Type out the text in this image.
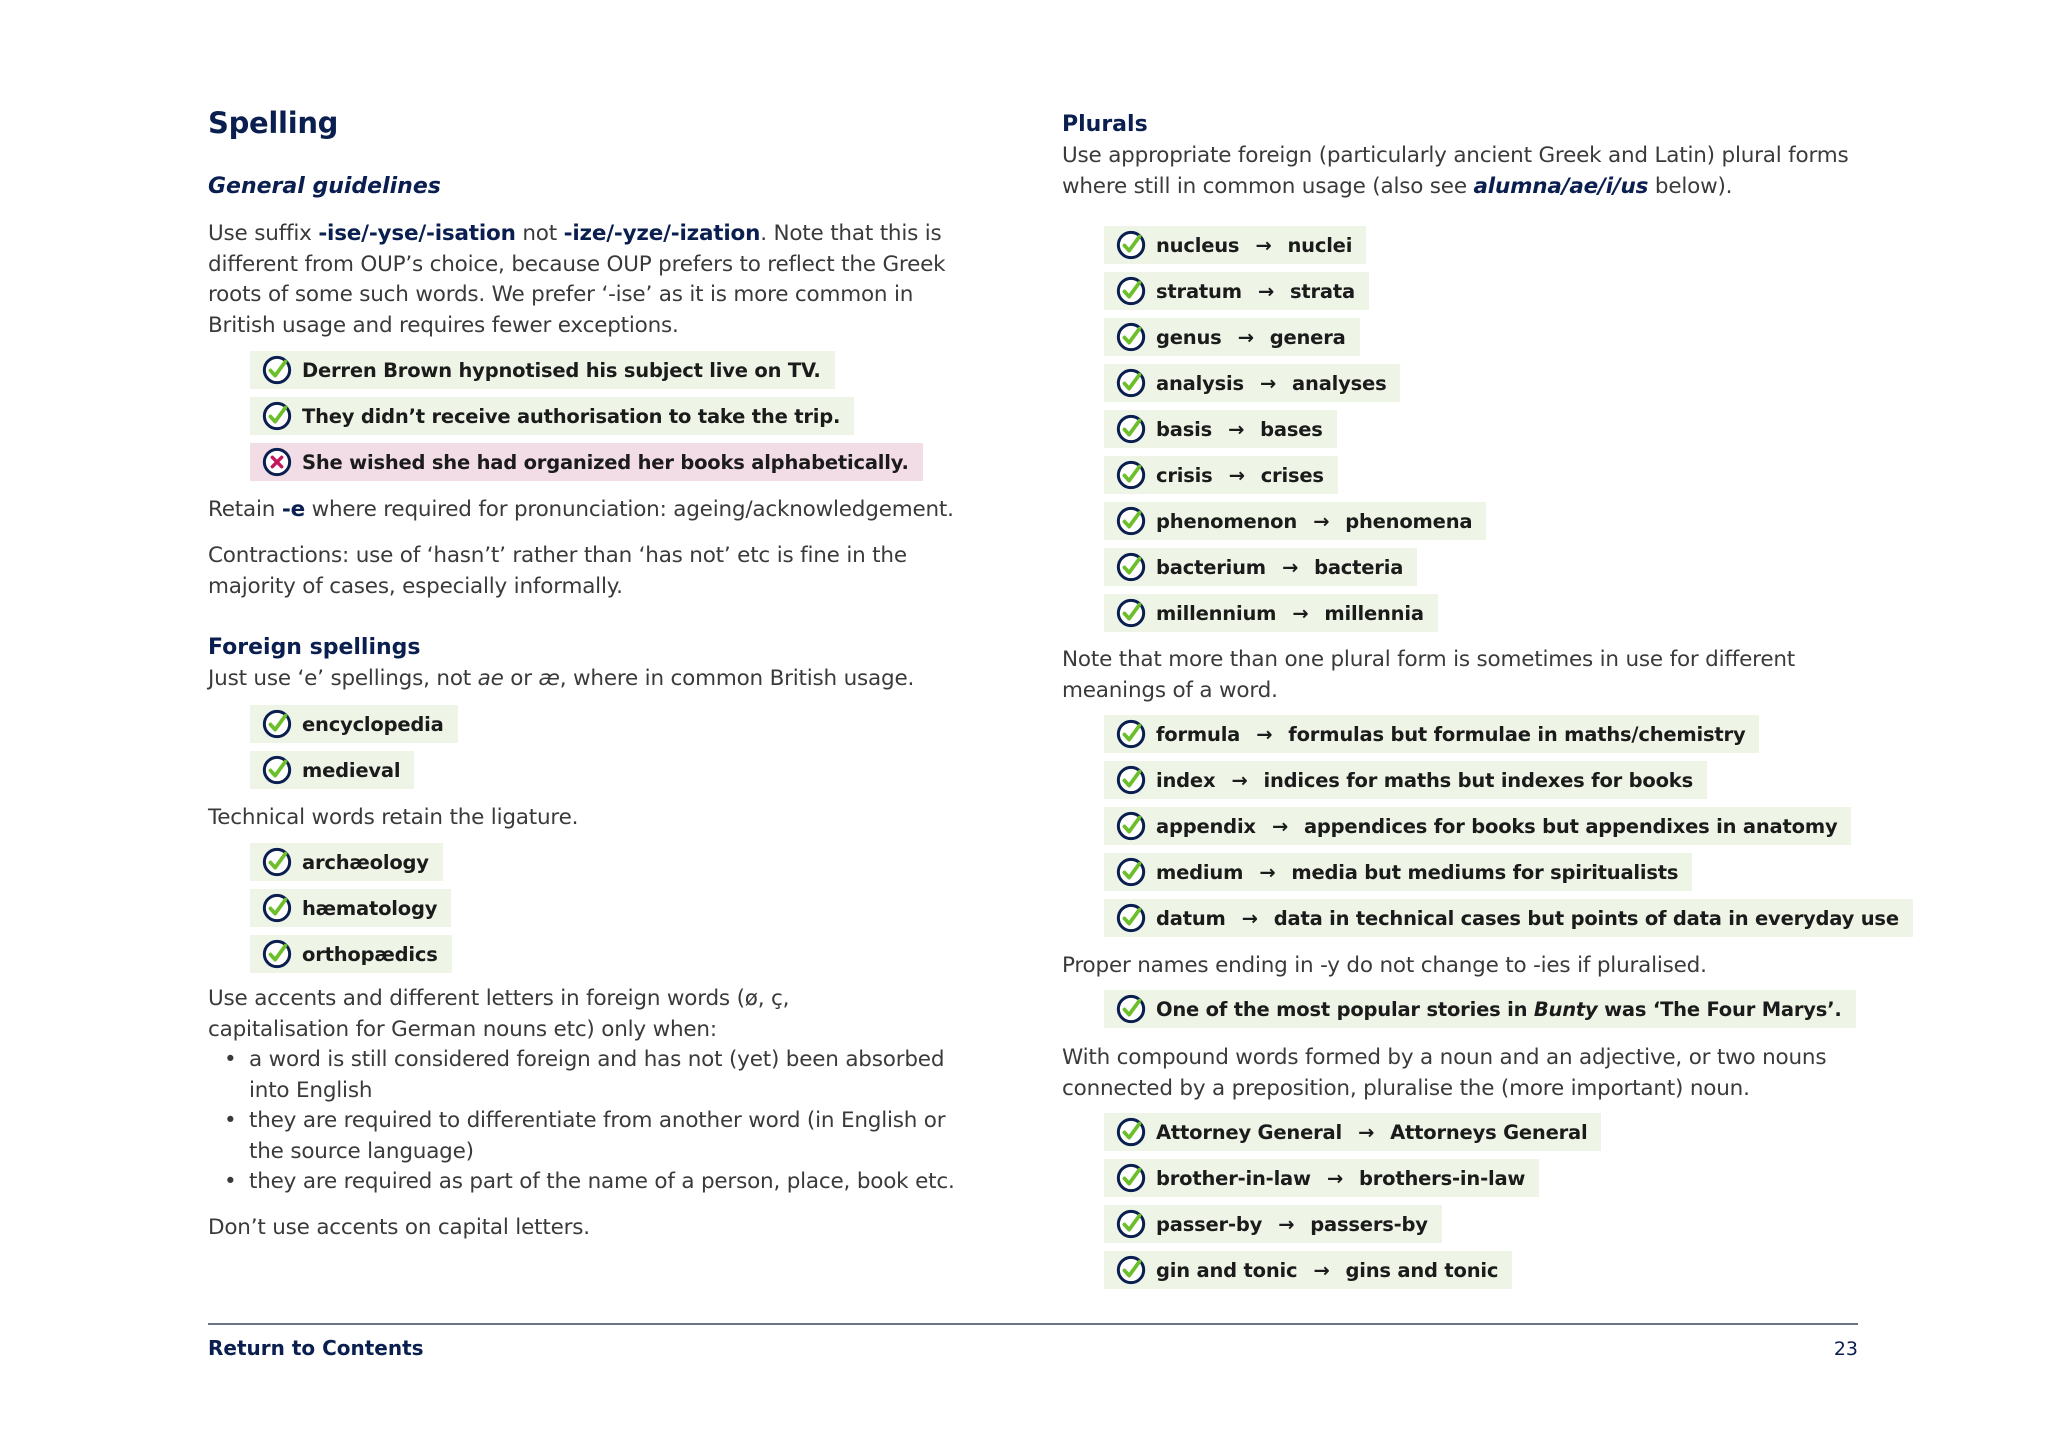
Spelling
General guidelines

Use suffix -ise/-yse/-isation not -ize/-yze/-ization. Note that this is different from OUP’s choice, because OUP prefers to reflect the Greek roots of some such words. We prefer ‘-ise’ as it is more common in British usage and requires fewer exceptions.

Derren Brown hypnotised his subject live on TV.
They didn’t receive authorisation to take the trip.
She wished she had organized her books alphabetically.

Retain -e where required for pronunciation: ageing/acknowledgement.

Contractions: use of ‘hasn’t’ rather than ‘has not’ etc is fine in the majority of cases, especially informally.

Foreign spellings

Just use ‘e’ spellings, not ae or æ, where in common British usage.

encyclopedia
medieval

Technical words retain the ligature.

archæology
hæmatology
orthopædics

Use accents and different letters in foreign words (ø, ç, capitalisation for German nouns etc) only when:

• a word is still considered foreign and has not (yet) been absorbed into English
• they are required to differentiate from another word (in English or the source language)
• they are required as part of the name of a person, place, book etc.

Don’t use accents on capital letters.

Plurals

Use appropriate foreign (particularly ancient Greek and Latin) plural forms where still in common usage (also see alumna/ae/i/us below).

nucleus → nuclei
stratum → strata
genus → genera
analysis → analyses
basis → bases
crisis → crises
phenomenon → phenomena
bacterium → bacteria
millennium → millennia

Note that more than one plural form is sometimes in use for different meanings of a word.

formula → formulas but formulae in maths/chemistry
index → indices for maths but indexes for books
appendix → appendices for books but appendixes in anatomy
medium → media but mediums for spiritualists
datum → data in technical cases but points of data in everyday use

Proper names ending in -y do not change to -ies if pluralised.

One of the most popular stories in Bunty was ‘The Four Marys’.

With compound words formed by a noun and an adjective, or two nouns connected by a preposition, pluralise the (more important) noun.

Attorney General → Attorneys General
brother-in-law → brothers-in-law
passer-by → passers-by
gin and tonic → gins and tonic
Return to Contents	23
